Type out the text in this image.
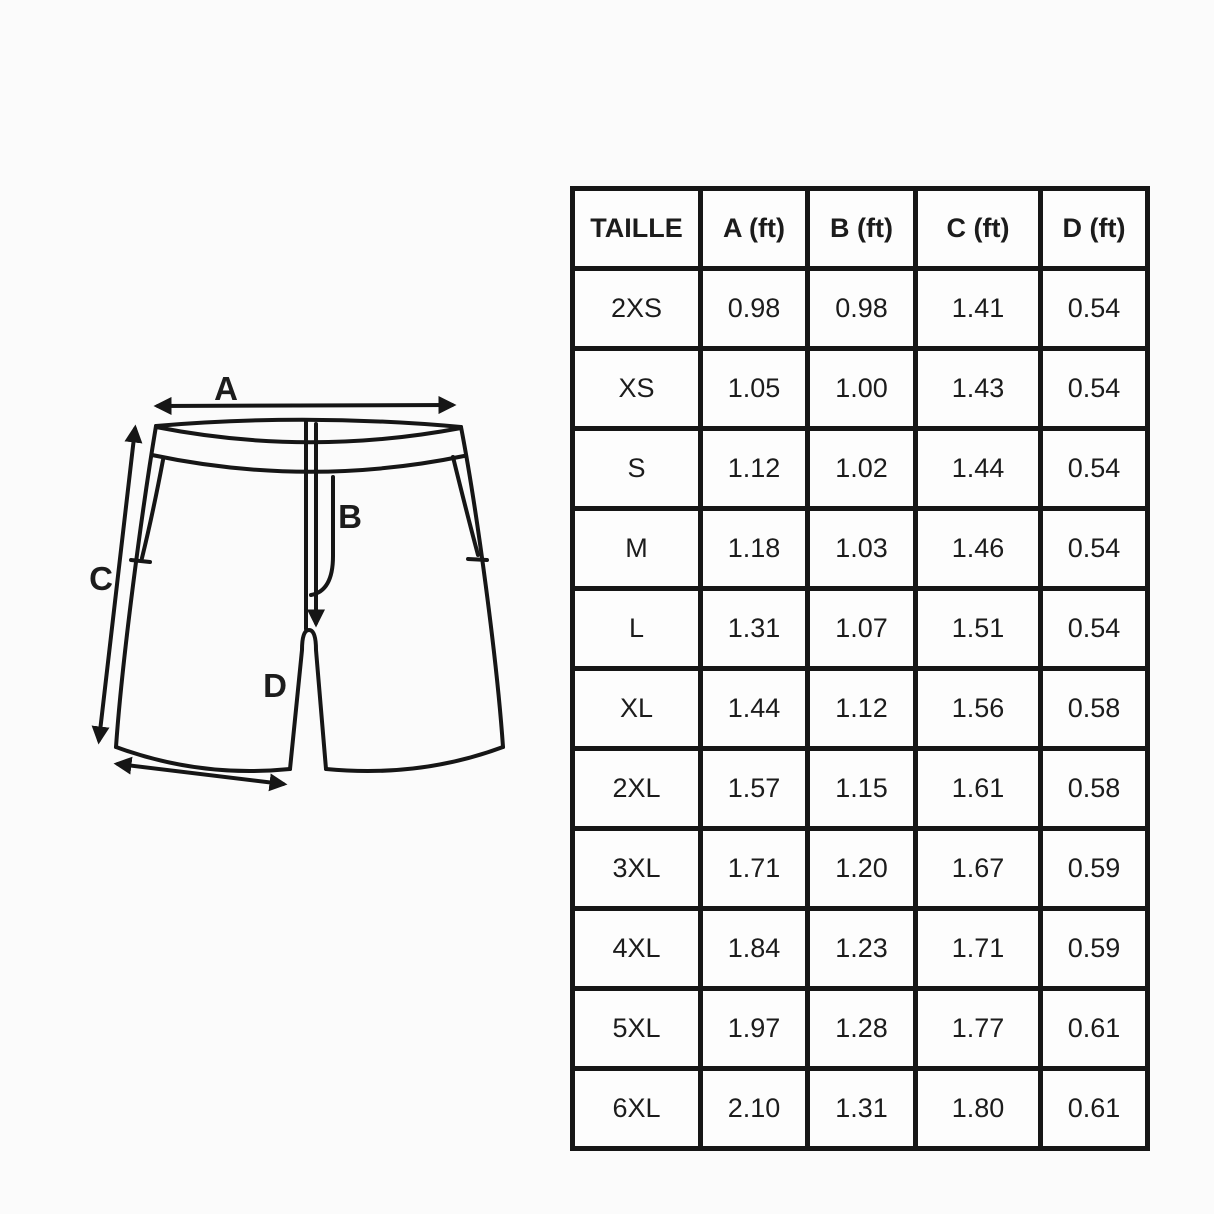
A
B
C
D
TAILLE	A (ft)	B (ft)	C (ft)	D (ft)
2XS	0.98	0.98	1.41	0.54
XS	1.05	1.00	1.43	0.54
S	1.12	1.02	1.44	0.54
M	1.18	1.03	1.46	0.54
L	1.31	1.07	1.51	0.54
XL	1.44	1.12	1.56	0.58
2XL	1.57	1.15	1.61	0.58
3XL	1.71	1.20	1.67	0.59
4XL	1.84	1.23	1.71	0.59
5XL	1.97	1.28	1.77	0.61
6XL	2.10	1.31	1.80	0.61
